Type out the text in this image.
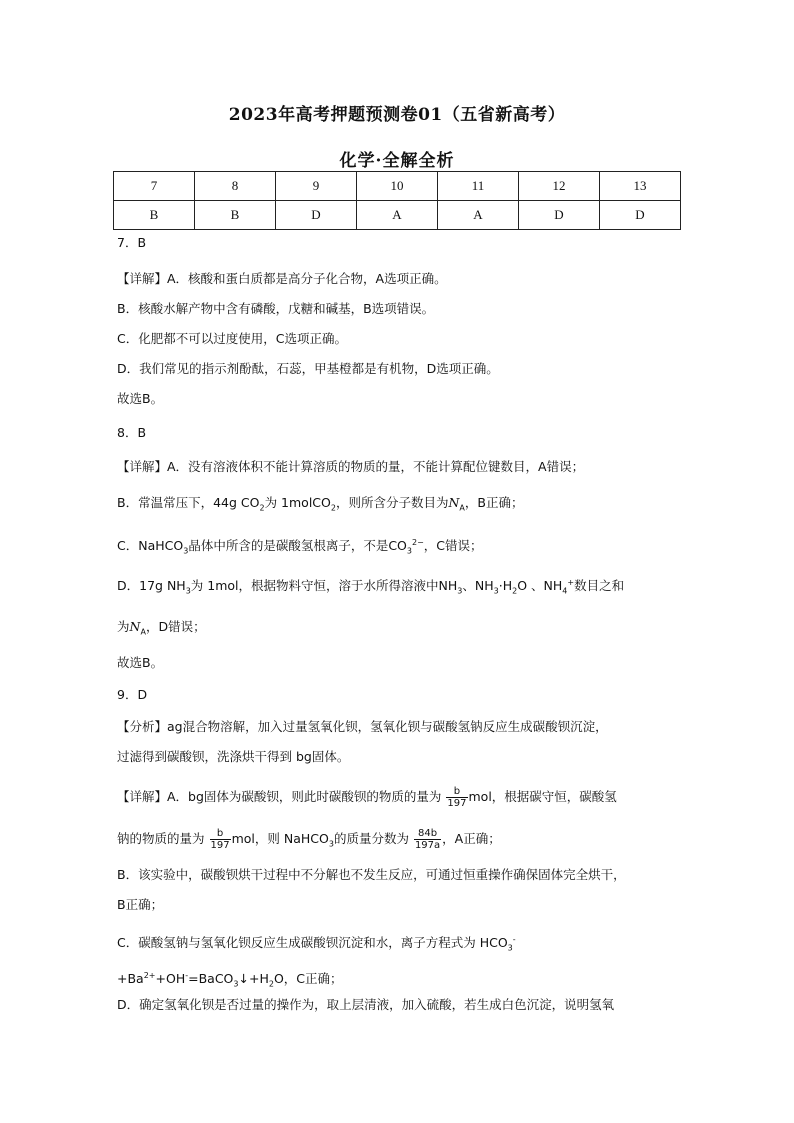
2023年高考押题预测卷01（五省新高考）
化学·全解全析
7	8	9	10	11	12	13
B	B	D	A	A	D	D
7．B
【详解】A．核酸和蛋白质都是高分子化合物，A选项正确。
B．核酸水解产物中含有磷酸，戊糖和碱基，B选项错误。
C．化肥都不可以过度使用，C选项正确。
D．我们常见的指示剂酚酞，石蕊，甲基橙都是有机物，D选项正确。
故选B。
8．B
【详解】A．没有溶液体积不能计算溶质的物质的量，不能计算配位键数目，A错误；
B．常温常压下，44g $CO_2$为 1molCO$_2$，则所含分子数目为$N_A$，B正确；
C．NaHCO$_3$晶体中所含的是碳酸氢根离子，不是$CO_3^{2-}$，C错误；
D．17g $NH_3$为 1mol，根据物料守恒，溶于水所得溶液中$NH_3$、$NH_3\cdot H_2O$ 、$NH_4^+$数目之和
为$N_A$，D错误；
故选B。
9．D
【分析】ag混合物溶解，加入过量氢氧化钡，氢氧化钡与碳酸氢钠反应生成碳酸钡沉淀，
过滤得到碳酸钡，洗涤烘干得到 bg固体。
【详解】A．bg固体为碳酸钡，则此时碳酸钡的物质的量为 $\frac{b}{197}$ mol，根据碳守恒，碳酸氢
钠的物质的量为 $\frac{b}{197}$ mol，则 NaHCO$_3$的质量分数为 $\frac{84b}{197a}$ ，A正确；
B．该实验中，碳酸钡烘干过程中不分解也不发生反应，可通过恒重操作确保固体完全烘干，
B正确；
C．碳酸氢钠与氢氧化钡反应生成碳酸钡沉淀和水，离子方程式为 $HCO_3^-$
$+Ba^{2+}+OH^-=BaCO_3↓+H_2O$，C正确；
D．确定氢氧化钡是否过量的操作为，取上层清液，加入硫酸，若生成白色沉淀，说明氢氧
